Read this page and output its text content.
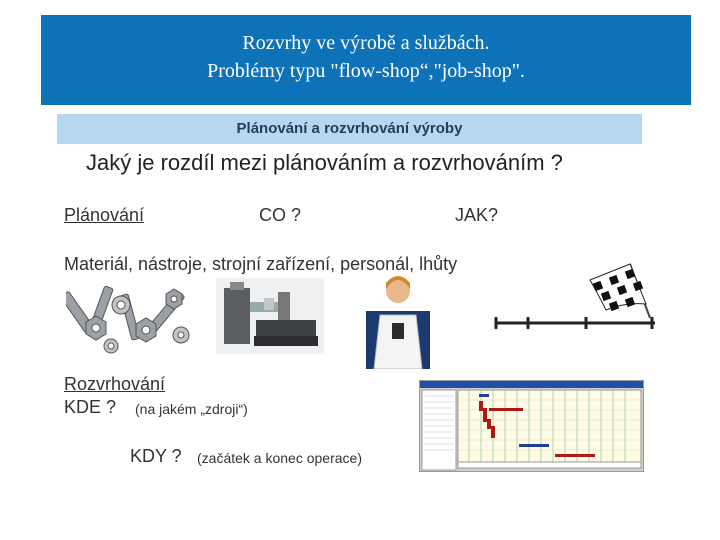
Rozvrhy ve výrobě a službách.
Problémy typu "flow-shop“,"job-shop".
Plánování a rozvrhování výroby
Jaký je rozdíl mezi plánováním a rozvrhováním ?
Plánování	CO ?	JAK?
Materiál, nástroje, strojní zařízení, personál, lhůty
Rozvrhování
KDE ? (na jakém „zdroji“)
KDY ? (začátek a konec operace)
